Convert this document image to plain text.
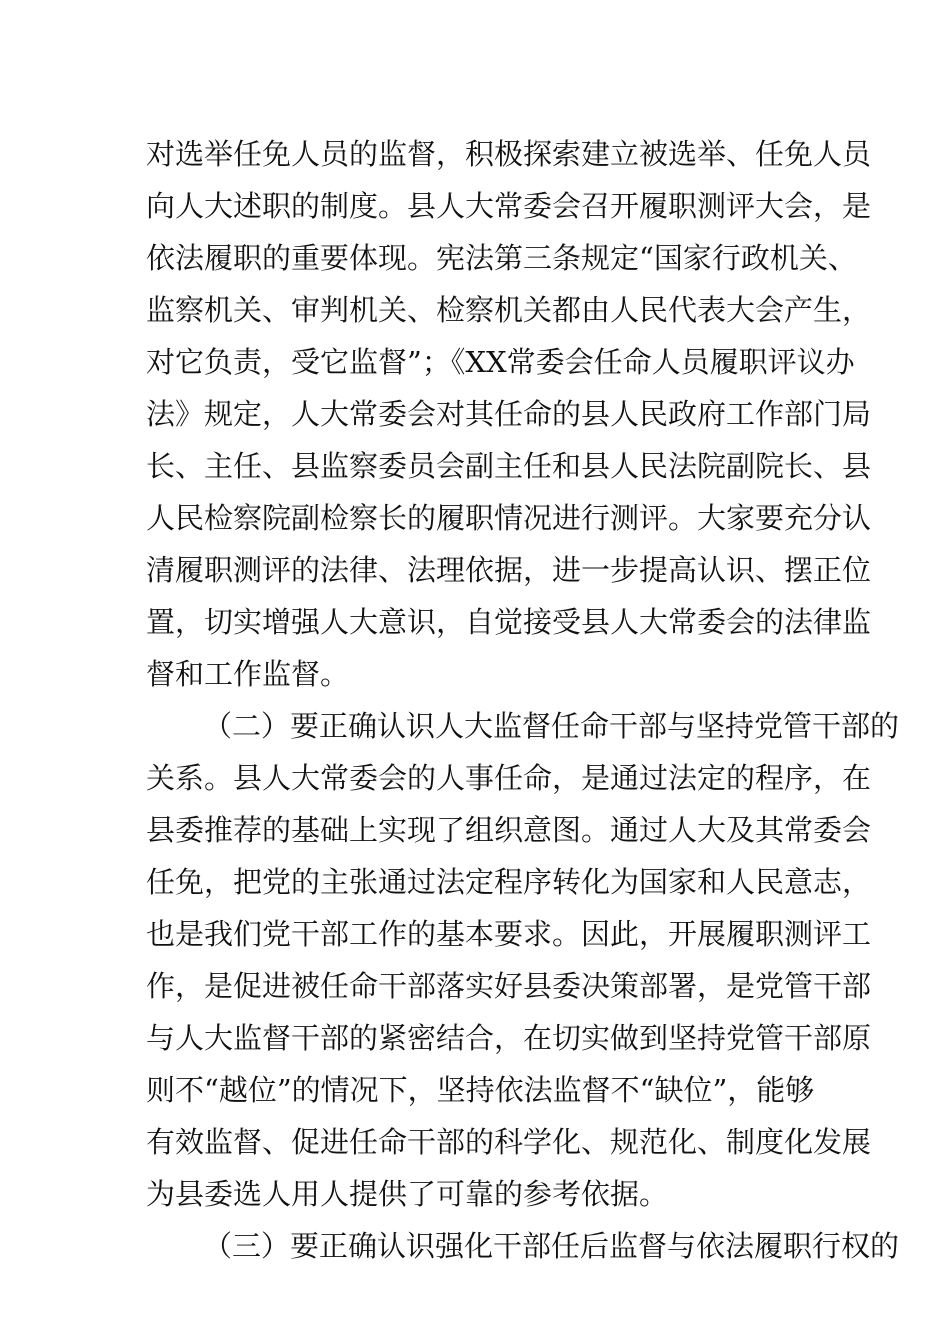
对选举任免人员的监督，积极探索建立被选举、任免人员
向人大述职的制度。县人大常委会召开履职测评大会，是
依法履职的重要体现。宪法第三条规定“国家行政机关、
监察机关、审判机关、检察机关都由人民代表大会产生，
对它负责，受它监督”；《XX常委会任命人员履职评议办
法》规定，人大常委会对其任命的县人民政府工作部门局
长、主任、县监察委员会副主任和县人民法院副院长、县
人民检察院副检察长的履职情况进行测评。大家要充分认
清履职测评的法律、法理依据，进一步提高认识、摆正位
置，切实增强人大意识，自觉接受县人大常委会的法律监
督和工作监督。
（二）要正确认识人大监督任命干部与坚持党管干部的
关系。县人大常委会的人事任命，是通过法定的程序，在
县委推荐的基础上实现了组织意图。通过人大及其常委会
任免，把党的主张通过法定程序转化为国家和人民意志，
也是我们党干部工作的基本要求。因此，开展履职测评工
作，是促进被任命干部落实好县委决策部署，是党管干部
与人大监督干部的紧密结合，在切实做到坚持党管干部原
则不“越位”的情况下，坚持依法监督不“缺位”，能够
有效监督、促进任命干部的科学化、规范化、制度化发展
为县委选人用人提供了可靠的参考依据。
（三）要正确认识强化干部任后监督与依法履职行权的
